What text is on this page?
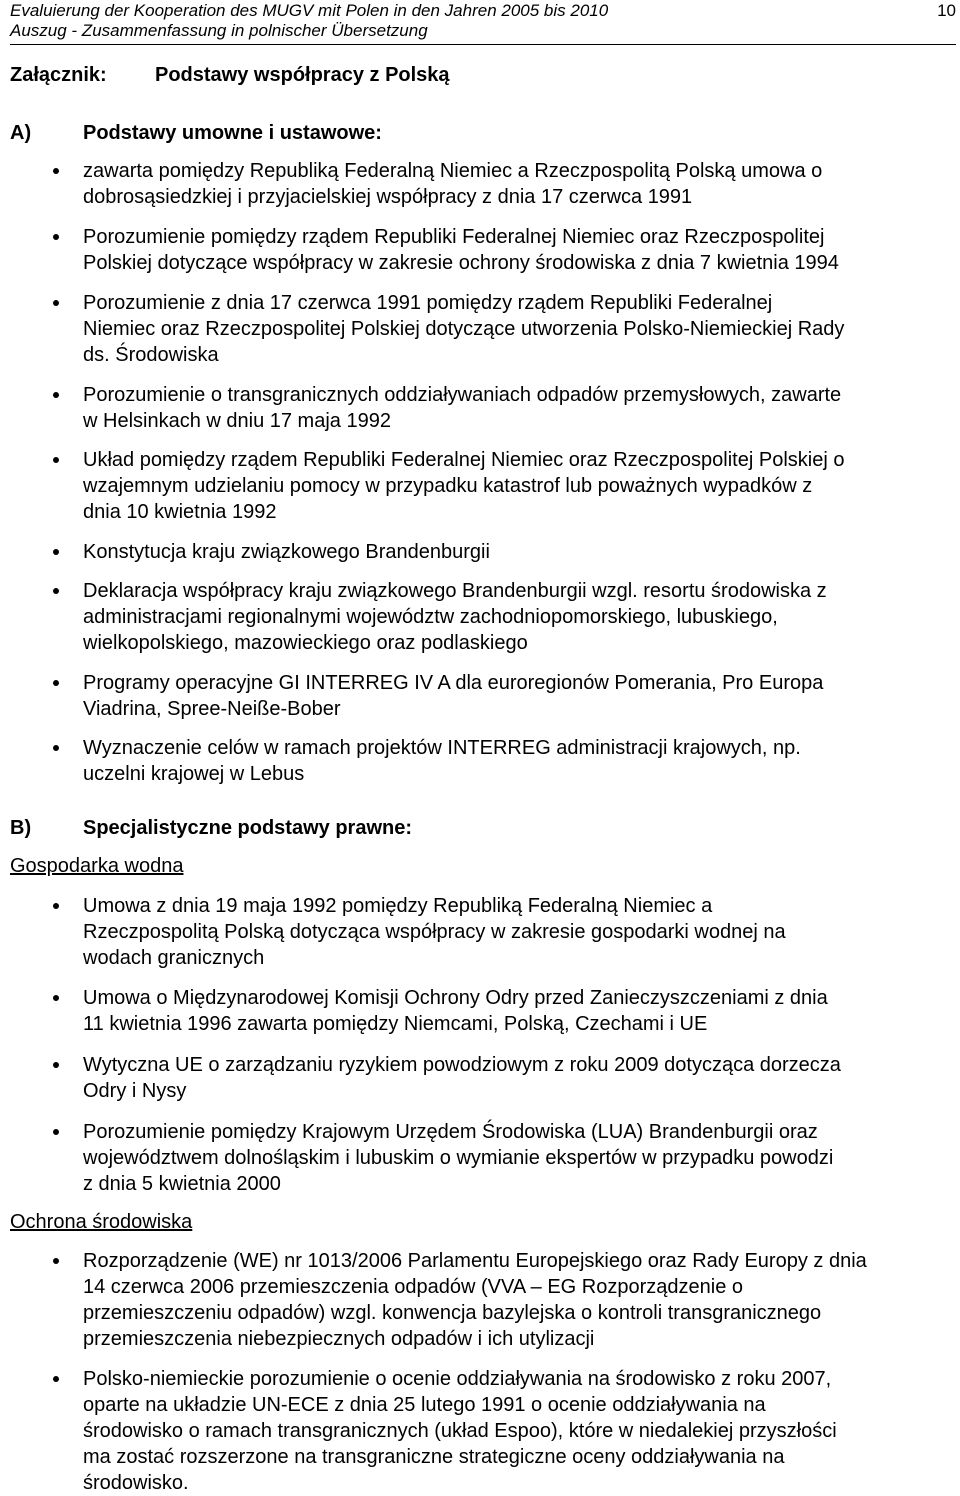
Evaluierung der Kooperation des MUGV mit Polen in den Jahren 2005 bis 2010
Auszug - Zusammenfassung in polnischer Übersetzung
10
Załącznik: Podstawy współpracy z Polską
A)	Podstawy umowne i ustawowe:
zawarta pomiędzy Republiką Federalną Niemiec a Rzeczpospolitą Polską umowa o
dobrosąsiedzkiej i przyjacielskiej współpracy z dnia 17 czerwca 1991
Porozumienie pomiędzy rządem Republiki Federalnej Niemiec oraz Rzeczpospolitej
Polskiej dotyczące współpracy w zakresie ochrony środowiska z dnia 7 kwietnia 1994
Porozumienie z dnia 17 czerwca 1991 pomiędzy rządem Republiki Federalnej
Niemiec oraz Rzeczpospolitej Polskiej dotyczące utworzenia Polsko-Niemieckiej Rady
ds. Środowiska
Porozumienie o transgranicznych oddziaływaniach odpadów przemysłowych, zawarte
w Helsinkach w dniu 17 maja 1992
Układ pomiędzy rządem Republiki Federalnej Niemiec oraz Rzeczpospolitej Polskiej o
wzajemnym udzielaniu pomocy w przypadku katastrof lub poważnych wypadków z
dnia 10 kwietnia 1992
Konstytucja kraju związkowego Brandenburgii
Deklaracja współpracy kraju związkowego Brandenburgii wzgl. resortu środowiska z
administracjami regionalnymi województw zachodniopomorskiego, lubuskiego,
wielkopolskiego, mazowieckiego oraz podlaskiego
Programy operacyjne GI INTERREG IV A dla euroregionów Pomerania, Pro Europa
Viadrina, Spree-Neiße-Bober
Wyznaczenie celów w ramach projektów INTERREG administracji krajowych, np.
uczelni krajowej w Lebus
B)	Specjalistyczne podstawy prawne:
Gospodarka wodna
Umowa z dnia 19 maja 1992 pomiędzy Republiką Federalną Niemiec a
Rzeczpospolitą Polską dotycząca współpracy w zakresie gospodarki wodnej na
wodach granicznych
Umowa o Międzynarodowej Komisji Ochrony Odry przed Zanieczyszczeniami z dnia
11 kwietnia 1996 zawarta pomiędzy Niemcami, Polską, Czechami i UE
Wytyczna UE o zarządzaniu ryzykiem powodziowym z roku 2009 dotycząca dorzecza
Odry i Nysy
Porozumienie pomiędzy Krajowym Urzędem Środowiska (LUA) Brandenburgii oraz
województwem dolnośląskim i lubuskim o wymianie ekspertów w przypadku powodzi
z dnia 5 kwietnia 2000
Ochrona środowiska
Rozporządzenie (WE) nr 1013/2006 Parlamentu Europejskiego oraz Rady Europy z dnia
14 czerwca 2006 przemieszczenia odpadów (VVA – EG Rozporządzenie o
przemieszczeniu odpadów) wzgl. konwencja bazylejska o kontroli transgranicznego
przemieszczenia niebezpiecznych odpadów i ich utylizacji
Polsko-niemieckie porozumienie o ocenie oddziaływania na środowisko z roku 2007,
oparte na układzie UN-ECE z dnia 25 lutego 1991 o ocenie oddziaływania na
środowisko o ramach transgranicznych (układ Espoo), które w niedalekiej przyszłości
ma zostać rozszerzone na transgraniczne strategiczne oceny oddziaływania na
środowisko.
